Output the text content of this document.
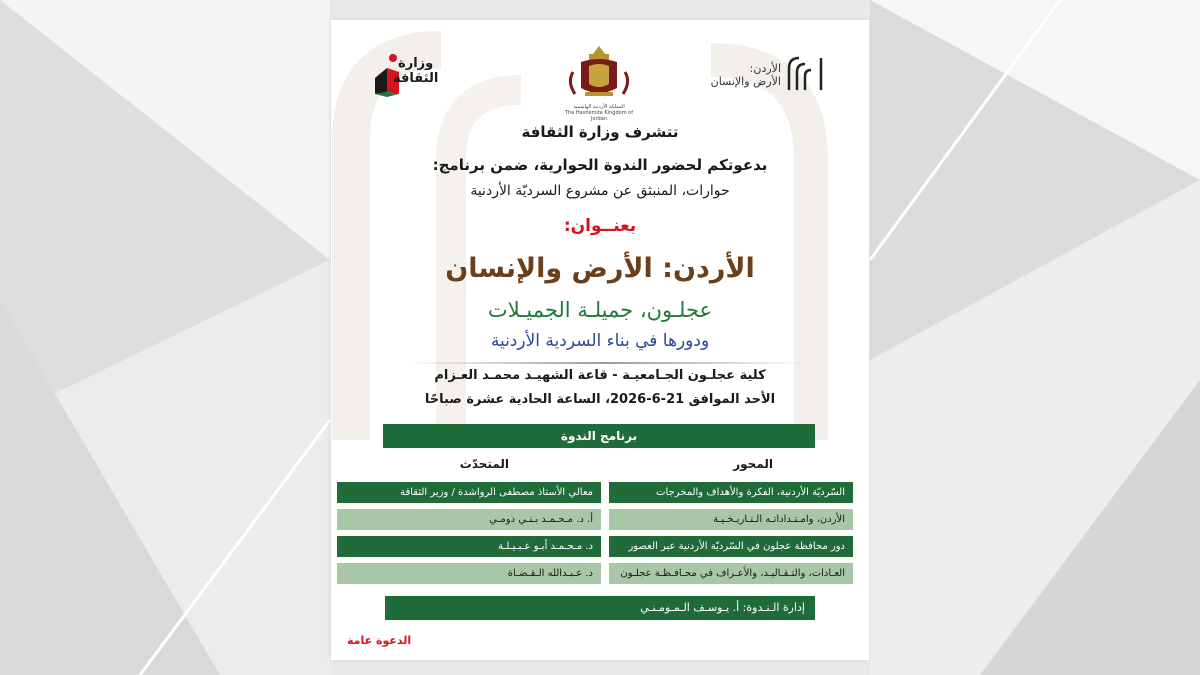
الأردن:
الأرض والإنسان
المملكة الأردنية الهاشمية
The Hashemite Kingdom of Jordan
وزارة
الثقافة
تتشرف وزارة الثقافة
بدعوتكم لحضور الندوة الحوارية، ضمن برنامج:
حوارات، المنبثق عن مشروع السرديّة الأردنية
بعنــوان:
الأردن: الأرض والإنسان
عجلـون، جميلـة الجميـلات
ودورها في بناء السردية الأردنية
كلية عجلـون الجـامعيـة - قاعة الشهيـد محمـد العـزام
الأحد الموافق 21-6-2026، الساعة الحادية عشرة صباحًا
برنامج الندوة
المحور
المتحدّث
السّرديّة الأردنية، الفكرة والأهداف والمخرجات
معالي الأستاذ مصطفى الرواشدة / وزير الثقافة
الأردن، وامـتـداداتـه الـتـاريـخـيـة
أ. د. مـحـمـد بـنـي دومـي
دور محافظة عجلون في السّرديّة الأردنية عبر العصور
د. مـحـمـد أبـو عـبـيـلـة
العـادات، والتـقـاليـد، والأعـراف في محـافـظـة عجلـون
د. عـبـدالله الـقـضـاة
إدارة الـنـدوة: أ. يـوسـف الـمـومـنـي
الدعوة عامة
